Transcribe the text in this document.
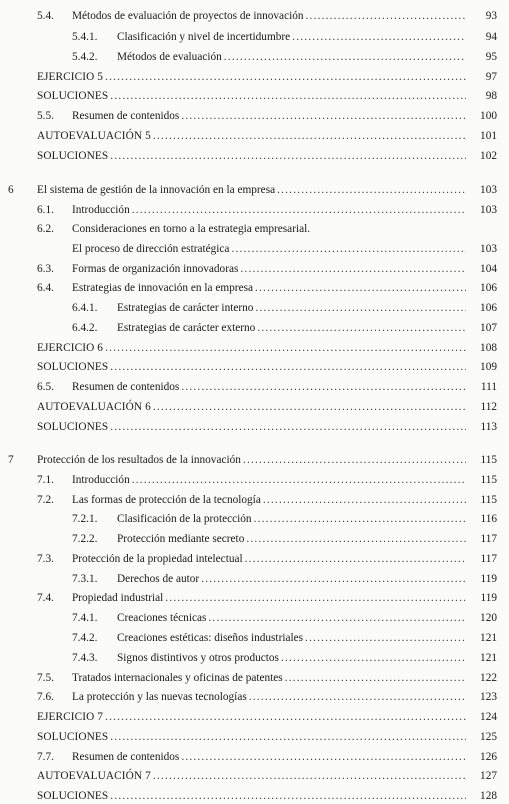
5.4. Métodos de evaluación de proyectos de innovación .....	93
5.4.1. Clasificación y nivel de incertidumbre .....	94
5.4.2. Métodos de evaluación .....	95
EJERCICIO 5 .....	97
SOLUCIONES .....	98
5.5. Resumen de contenidos .....	100
AUTOEVALUACIÓN 5 .....	101
SOLUCIONES .....	102
6 El sistema de gestión de la innovación en la empresa .....	103
6.1. Introducción .....	103
6.2. Consideraciones en torno a la estrategia empresarial.
El proceso de dirección estratégica .....	103
6.3. Formas de organización innovadoras .....	104
6.4. Estrategias de innovación en la empresa .....	106
6.4.1. Estrategias de carácter interno .....	106
6.4.2. Estrategias de carácter externo .....	107
EJERCICIO 6 .....	108
SOLUCIONES .....	109
6.5. Resumen de contenidos .....	111
AUTOEVALUACIÓN 6 .....	112
SOLUCIONES .....	113
7 Protección de los resultados de la innovación .....	115
7.1. Introducción .....	115
7.2. Las formas de protección de la tecnología .....	115
7.2.1. Clasificación de la protección .....	116
7.2.2. Protección mediante secreto .....	117
7.3. Protección de la propiedad intelectual .....	117
7.3.1. Derechos de autor .....	119
7.4. Propiedad industrial .....	119
7.4.1. Creaciones técnicas .....	120
7.4.2. Creaciones estéticas: diseños industriales .....	121
7.4.3. Signos distintivos y otros productos .....	121
7.5. Tratados internacionales y oficinas de patentes .....	122
7.6. La protección y las nuevas tecnologías .....	123
EJERCICIO 7 .....	124
SOLUCIONES .....	125
7.7. Resumen de contenidos .....	126
AUTOEVALUACIÓN 7 .....	127
SOLUCIONES .....	128
